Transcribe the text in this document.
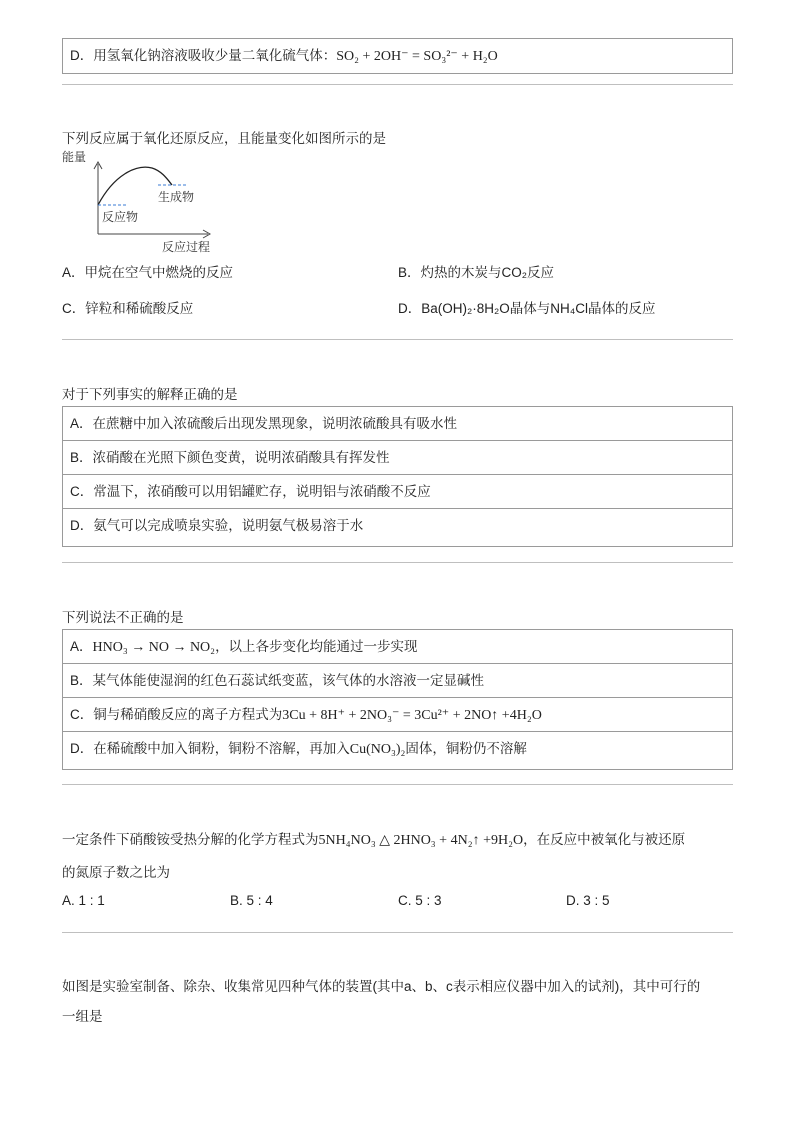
D．用氢氧化钠溶液吸收少量二氧化硫气体：SO₂ + 2OH⁻ = SO₃²⁻ + H₂O
下列反应属于氧化还原反应，且能量变化如图所示的是
能量
生成物
反应物
反应过程
A．甲烷在空气中燃烧的反应	B．灼热的木炭与CO₂反应
C．锌粒和稀硫酸反应	D．Ba(OH)₂·8H₂O晶体与NH₄Cl晶体的反应
对于下列事实的解释正确的是
A．在蔗糖中加入浓硫酸后出现发黑现象，说明浓硫酸具有吸水性
B．浓硝酸在光照下颜色变黄，说明浓硝酸具有挥发性
C．常温下，浓硝酸可以用铝罐贮存，说明铝与浓硝酸不反应
D．氨气可以完成喷泉实验，说明氨气极易溶于水
下列说法不正确的是
A．HNO₃ → NO → NO₂，以上各步变化均能通过一步实现
B．某气体能使湿润的红色石蕊试纸变蓝，该气体的水溶液一定显碱性
C．铜与稀硝酸反应的离子方程式为3Cu + 8H⁺ + 2NO₃⁻ = 3Cu²⁺ + 2NO↑ +4H₂O
D．在稀硫酸中加入铜粉，铜粉不溶解，再加入Cu(NO₃)₂固体，铜粉仍不溶解
一定条件下硝酸铵受热分解的化学方程式为5NH₄NO₃ △ 2HNO₃ + 4N₂↑ +9H₂O，在反应中被氧化与被还原
的氮原子数之比为
A. 1 : 1	B. 5 : 4	C. 5 : 3	D. 3 : 5
如图是实验室制备、除杂、收集常见四种气体的装置(其中a、b、c表示相应仪器中加入的试剂)，其中可行的
一组是
